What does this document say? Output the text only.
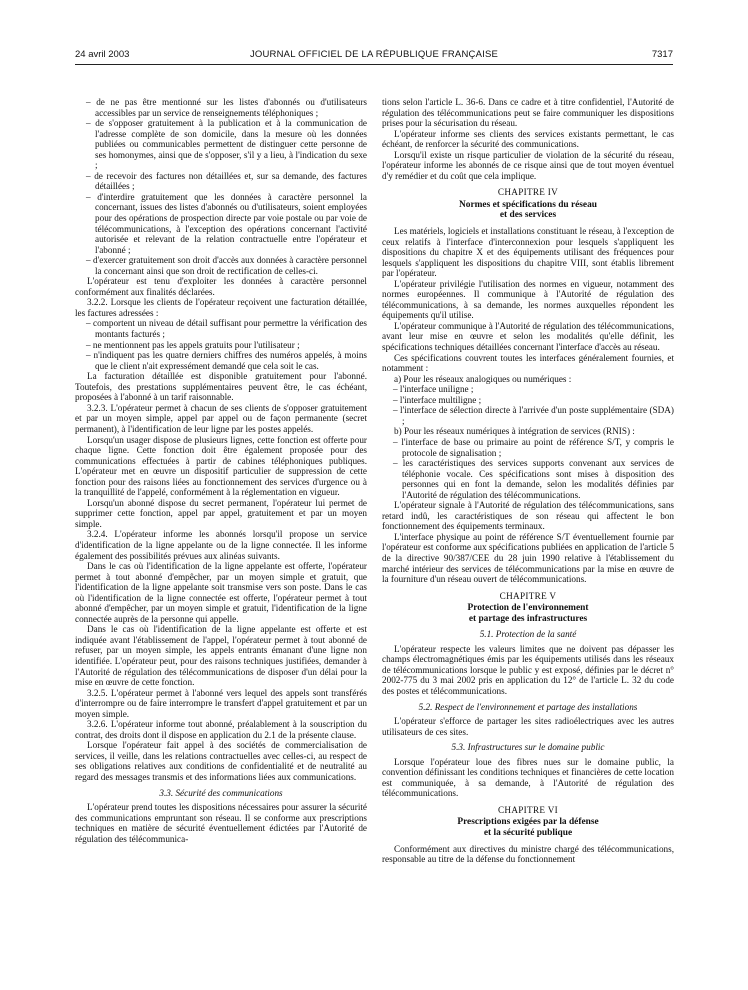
24 avril 2003	JOURNAL OFFICIEL DE LA RÉPUBLIQUE FRANÇAISE	7317

– de ne pas être mentionné sur les listes d'abonnés ou d'utilisateurs accessibles par un service de renseignements téléphoniques ;

– de s'opposer gratuitement à la publication et à la communication de l'adresse complète de son domicile, dans la mesure où les données publiées ou communicables permettent de distinguer cette personne de ses homonymes, ainsi que de s'opposer, s'il y a lieu, à l'indication du sexe ;

– de recevoir des factures non détaillées et, sur sa demande, des factures détaillées ;

– d'interdire gratuitement que les données à caractère personnel la concernant, issues des listes d'abonnés ou d'utilisateurs, soient employées pour des opérations de prospection directe par voie postale ou par voie de télécommunications, à l'exception des opérations concernant l'activité autorisée et relevant de la relation contractuelle entre l'opérateur et l'abonné ;

– d'exercer gratuitement son droit d'accès aux données à caractère personnel la concernant ainsi que son droit de rectification de celles-ci.

L'opérateur est tenu d'exploiter les données à caractère personnel conformément aux finalités déclarées.

3.2.2. Lorsque les clients de l'opérateur reçoivent une facturation détaillée, les factures adressées :

– comportent un niveau de détail suffisant pour permettre la vérification des montants facturés ;

– ne mentionnent pas les appels gratuits pour l'utilisateur ;

– n'indiquent pas les quatre derniers chiffres des numéros appelés, à moins que le client n'ait expressément demandé que cela soit le cas.

La facturation détaillée est disponible gratuitement pour l'abonné. Toutefois, des prestations supplémentaires peuvent être, le cas échéant, proposées à l'abonné à un tarif raisonnable.

3.2.3. L'opérateur permet à chacun de ses clients de s'opposer gratuitement et par un moyen simple, appel par appel ou de façon permanente (secret permanent), à l'identification de leur ligne par les postes appelés.

Lorsqu'un usager dispose de plusieurs lignes, cette fonction est offerte pour chaque ligne. Cette fonction doit être également proposée pour des communications effectuées à partir de cabines téléphoniques publiques. L'opérateur met en œuvre un dispositif particulier de suppression de cette fonction pour des raisons liées au fonctionnement des services d'urgence ou à la tranquillité de l'appelé, conformément à la réglementation en vigueur.

Lorsqu'un abonné dispose du secret permanent, l'opérateur lui permet de supprimer cette fonction, appel par appel, gratuitement et par un moyen simple.

3.2.4. L'opérateur informe les abonnés lorsqu'il propose un service d'identification de la ligne appelante ou de la ligne connectée. Il les informe également des possibilités prévues aux alinéas suivants.

Dans le cas où l'identification de la ligne appelante est offerte, l'opérateur permet à tout abonné d'empêcher, par un moyen simple et gratuit, que l'identification de la ligne appelante soit transmise vers son poste. Dans le cas où l'identification de la ligne connectée est offerte, l'opérateur permet à tout abonné d'empêcher, par un moyen simple et gratuit, l'identification de la ligne connectée auprès de la personne qui appelle.

Dans le cas où l'identification de la ligne appelante est offerte et est indiquée avant l'établissement de l'appel, l'opérateur permet à tout abonné de refuser, par un moyen simple, les appels entrants émanant d'une ligne non identifiée. L'opérateur peut, pour des raisons techniques justifiées, demander à l'Autorité de régulation des télécommunications de disposer d'un délai pour la mise en œuvre de cette fonction.

3.2.5. L'opérateur permet à l'abonné vers lequel des appels sont transférés d'interrompre ou de faire interrompre le transfert d'appel gratuitement et par un moyen simple.

3.2.6. L'opérateur informe tout abonné, préalablement à la souscription du contrat, des droits dont il dispose en application du 2.1 de la présente clause.

Lorsque l'opérateur fait appel à des sociétés de commercialisation de services, il veille, dans les relations contractuelles avec celles-ci, au respect de ses obligations relatives aux conditions de confidentialité et de neutralité au regard des messages transmis et des informations liées aux communications.

3.3. Sécurité des communications

L'opérateur prend toutes les dispositions nécessaires pour assurer la sécurité des communications empruntant son réseau. Il se conforme aux prescriptions techniques en matière de sécurité éventuellement édictées par l'Autorité de régulation des télécommunica-

tions selon l'article L. 36-6. Dans ce cadre et à titre confidentiel, l'Autorité de régulation des télécommunications peut se faire communiquer les dispositions prises pour la sécurisation du réseau.

L'opérateur informe ses clients des services existants permettant, le cas échéant, de renforcer la sécurité des communications.

Lorsqu'il existe un risque particulier de violation de la sécurité du réseau, l'opérateur informe les abonnés de ce risque ainsi que de tout moyen éventuel d'y remédier et du coût que cela implique.

CHAPITRE IV

Normes et spécifications du réseau
et des services

Les matériels, logiciels et installations constituant le réseau, à l'exception de ceux relatifs à l'interface d'interconnexion pour lesquels s'appliquent les dispositions du chapitre X et des équipements utilisant des fréquences pour lesquels s'appliquent les dispositions du chapitre VIII, sont établis librement par l'opérateur.

L'opérateur privilégie l'utilisation des normes en vigueur, notamment des normes européennes. Il communique à l'Autorité de régulation des télécommunications, à sa demande, les normes auxquelles répondent les équipements qu'il utilise.

L'opérateur communique à l'Autorité de régulation des télécommunications, avant leur mise en œuvre et selon les modalités qu'elle définit, les spécifications techniques détaillées concernant l'interface d'accès au réseau.

Ces spécifications couvrent toutes les interfaces généralement fournies, et notamment :

a) Pour les réseaux analogiques ou numériques :

– l'interface uniligne ;

– l'interface multiligne ;

– l'interface de sélection directe à l'arrivée d'un poste supplémentaire (SDA) ;

b) Pour les réseaux numériques à intégration de services (RNIS) :

– l'interface de base ou primaire au point de référence S/T, y compris le protocole de signalisation ;

– les caractéristiques des services supports convenant aux services de téléphonie vocale. Ces spécifications sont mises à disposition des personnes qui en font la demande, selon les modalités définies par l'Autorité de régulation des télécommunications.

L'opérateur signale à l'Autorité de régulation des télécommunications, sans retard indû, les caractéristiques de son réseau qui affectent le bon fonctionnement des équipements terminaux.

L'interface physique au point de référence S/T éventuellement fournie par l'opérateur est conforme aux spécifications publiées en application de l'article 5 de la directive 90/387/CEE du 28 juin 1990 relative à l'établissement du marché intérieur des services de télécommunications par la mise en œuvre de la fourniture d'un réseau ouvert de télécommunications.

CHAPITRE V

Protection de l'environnement
et partage des infrastructures

5.1. Protection de la santé

L'opérateur respecte les valeurs limites que ne doivent pas dépasser les champs électromagnétiques émis par les équipements utilisés dans les réseaux de télécommunications lorsque le public y est exposé, définies par le décret n° 2002-775 du 3 mai 2002 pris en application du 12° de l'article L. 32 du code des postes et télécommunications.

5.2. Respect de l'environnement et partage des installations

L'opérateur s'efforce de partager les sites radioélectriques avec les autres utilisateurs de ces sites.

5.3. Infrastructures sur le domaine public

Lorsque l'opérateur loue des fibres nues sur le domaine public, la convention définissant les conditions techniques et financières de cette location est communiquée, à sa demande, à l'Autorité de régulation des télécommunications.

CHAPITRE VI

Prescriptions exigées par la défense
et la sécurité publique

Conformément aux directives du ministre chargé des télécommunications, responsable au titre de la défense du fonctionnement
